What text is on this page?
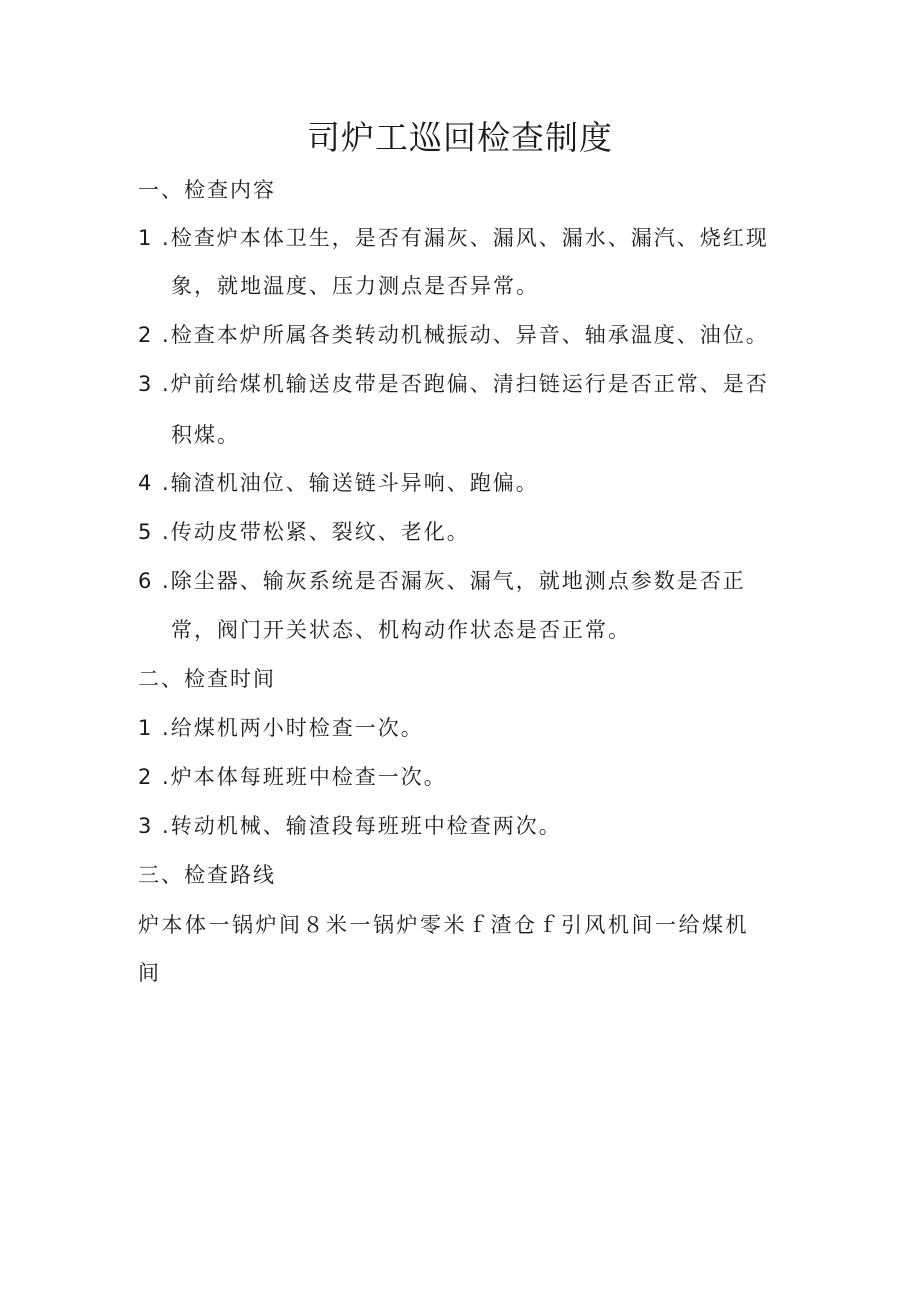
司炉工巡回检查制度
一、检查内容
1 .检查炉本体卫生，是否有漏灰、漏风、漏水、漏汽、烧红现
象，就地温度、压力测点是否异常。
2 .检查本炉所属各类转动机械振动、异音、轴承温度、油位。
3 .炉前给煤机输送皮带是否跑偏、清扫链运行是否正常、是否
积煤。
4 .输渣机油位、输送链斗异响、跑偏。
5 .传动皮带松紧、裂纹、老化。
6 .除尘器、输灰系统是否漏灰、漏气，就地测点参数是否正
常，阀门开关状态、机构动作状态是否正常。
二、检查时间
1 .给煤机两小时检查一次。
2 .炉本体每班班中检查一次。
3 .转动机械、输渣段每班班中检查两次。
三、检查路线
炉本体一锅炉间８米一锅炉零米ｆ渣仓ｆ引风机间一给煤机
间
